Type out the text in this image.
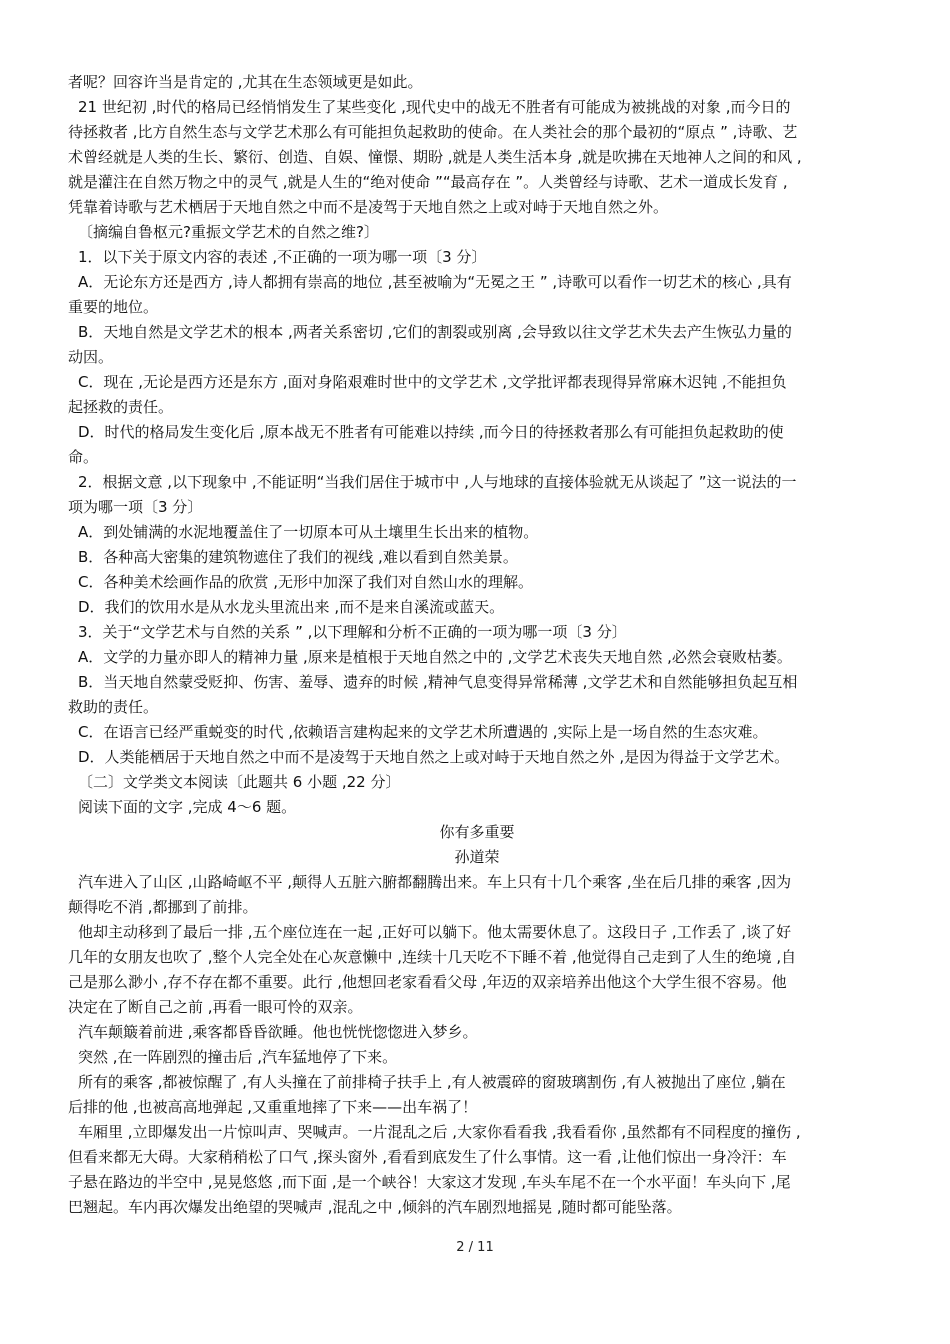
者呢？回容许当是肯定的 ,尤其在生态领域更是如此。
21 世纪初 ,时代的格局已经悄悄发生了某些变化 ,现代史中的战无不胜者有可能成为被挑战的对象 ,而今日的
待拯救者 ,比方自然生态与文学艺术那么有可能担负起救助的使命。在人类社会的那个最初的“原点 ” ,诗歌、艺
术曾经就是人类的生长、繁衍、创造、自娱、憧憬、期盼 ,就是人类生活本身 ,就是吹拂在天地神人之间的和风 ,
就是灌注在自然万物之中的灵气 ,就是人生的“绝对使命 ”“最高存在 ”。人类曾经与诗歌、艺术一道成长发育 ,
凭靠着诗歌与艺术栖居于天地自然之中而不是凌驾于天地自然之上或对峙于天地自然之外。
〔摘编自鲁枢元?重振文学艺术的自然之维?〕
1．以下关于原文内容的表述 ,不正确的一项为哪一项〔3 分〕
A．无论东方还是西方 ,诗人都拥有崇高的地位 ,甚至被喻为“无冕之王 ” ,诗歌可以看作一切艺术的核心 ,具有
重要的地位。
B．天地自然是文学艺术的根本 ,两者关系密切 ,它们的割裂或别离 ,会导致以往文学艺术失去产生恢弘力量的
动因。
C．现在 ,无论是西方还是东方 ,面对身陷艰难时世中的文学艺术 ,文学批评都表现得异常麻木迟钝 ,不能担负
起拯救的责任。
D．时代的格局发生变化后 ,原本战无不胜者有可能难以持续 ,而今日的待拯救者那么有可能担负起救助的使
命。
2．根据文意 ,以下现象中 ,不能证明“当我们居住于城市中 ,人与地球的直接体验就无从谈起了 ”这一说法的一
项为哪一项〔3 分〕
A．到处铺满的水泥地覆盖住了一切原本可从土壤里生长出来的植物。
B．各种高大密集的建筑物遮住了我们的视线 ,难以看到自然美景。
C．各种美术绘画作品的欣赏 ,无形中加深了我们对自然山水的理解。
D．我们的饮用水是从水龙头里流出来 ,而不是来自溪流或蓝天。
3．关于“文学艺术与自然的关系 ” ,以下理解和分析不正确的一项为哪一项〔3 分〕
A．文学的力量亦即人的精神力量 ,原来是植根于天地自然之中的 ,文学艺术丧失天地自然 ,必然会衰败枯萎。
B．当天地自然蒙受贬抑、伤害、羞辱、遗弃的时候 ,精神气息变得异常稀薄 ,文学艺术和自然能够担负起互相
救助的责任。
C．在语言已经严重蜕变的时代 ,依赖语言建构起来的文学艺术所遭遇的 ,实际上是一场自然的生态灾难。
D．人类能栖居于天地自然之中而不是凌驾于天地自然之上或对峙于天地自然之外 ,是因为得益于文学艺术。
〔二〕文学类文本阅读〔此题共 6 小题 ,22 分〕
阅读下面的文字 ,完成 4～6 题。
你有多重要
孙道荣
汽车进入了山区 ,山路崎岖不平 ,颠得人五脏六腑都翻腾出来。车上只有十几个乘客 ,坐在后几排的乘客 ,因为
颠得吃不消 ,都挪到了前排。
他却主动移到了最后一排 ,五个座位连在一起 ,正好可以躺下。他太需要休息了。这段日子 ,工作丢了 ,谈了好
几年的女朋友也吹了 ,整个人完全处在心灰意懒中 ,连续十几天吃不下睡不着 ,他觉得自己走到了人生的绝境 ,自
己是那么渺小 ,存不存在都不重要。此行 ,他想回老家看看父母 ,年迈的双亲培养出他这个大学生很不容易。他
决定在了断自己之前 ,再看一眼可怜的双亲。
汽车颠簸着前进 ,乘客都昏昏欲睡。他也恍恍惚惚进入梦乡。
突然 ,在一阵剧烈的撞击后 ,汽车猛地停了下来。
所有的乘客 ,都被惊醒了 ,有人头撞在了前排椅子扶手上 ,有人被震碎的窗玻璃割伤 ,有人被抛出了座位 ,躺在
后排的他 ,也被高高地弹起 ,又重重地摔了下来——出车祸了！
车厢里 ,立即爆发出一片惊叫声、哭喊声。一片混乱之后 ,大家你看看我 ,我看看你 ,虽然都有不同程度的撞伤 ,
但看来都无大碍。大家稍稍松了口气 ,探头窗外 ,看看到底发生了什么事情。这一看 ,让他们惊出一身冷汗：车
子悬在路边的半空中 ,晃晃悠悠 ,而下面 ,是一个峡谷！大家这才发现 ,车头车尾不在一个水平面！车头向下 ,尾
巴翘起。车内再次爆发出绝望的哭喊声 ,混乱之中 ,倾斜的汽车剧烈地摇晃 ,随时都可能坠落。
2 / 11
